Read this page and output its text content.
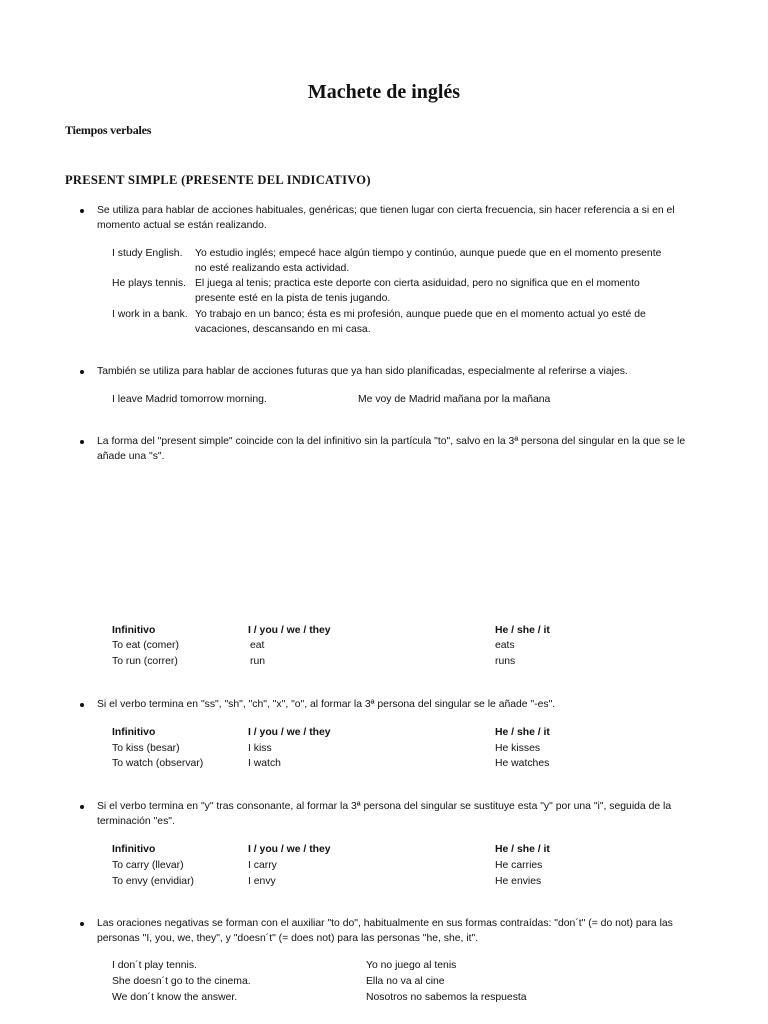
Machete de inglés
Tiempos verbales
PRESENT SIMPLE (PRESENTE DEL INDICATIVO)
Se utiliza para hablar de acciones habituales, genéricas; que tienen lugar con cierta frecuencia, sin hacer referencia a si en el momento actual se están realizando.
I study English. Yo estudio inglés; empecé hace algún tiempo y continúo, aunque puede que en el momento presente no esté realizando esta actividad.
He plays tennis. El juega al tenis; practica este deporte con cierta asiduidad, pero no significa que en el momento presente esté en la pista de tenis jugando.
I work in a bank. Yo trabajo en un banco; ésta es mi profesión, aunque puede que en el momento actual yo esté de vacaciones, descansando en mi casa.
También se utiliza para hablar de acciones futuras que ya han sido planificadas, especialmente al referirse a viajes.
I leave Madrid tomorrow morning.	Me voy de Madrid mañana por la mañana
La forma del "present simple" coincide con la del infinitivo sin la partícula "to", salvo en la 3ª persona del singular en la que se le añade una "s".
Infinitivo	I / you / we / they	He / she / it
To eat (comer)	eat	eats
To run (correr)	run	runs
Si el verbo termina en "ss", "sh", "ch", "x", "o", al formar la 3ª persona del singular se le añade "-es".
Infinitivo	I / you / we / they	He / she / it
To kiss (besar)	I kiss	He kisses
To watch (observar)	I watch	He watches
Si el verbo termina en "y" tras consonante, al formar la 3ª persona del singular se sustituye esta "y" por una "i", seguida de la terminación "es".
Infinitivo	I / you / we / they	He / she / it
To carry (llevar)	I carry	He carries
To envy (envidiar)	I envy	He envies
Las oraciones negativas se forman con el auxiliar "to do", habitualmente en sus formas contraídas: "don´t" (= do not) para las personas "I, you, we, they", y "doesn´t" (= does not) para las personas "he, she, it".
I don´t play tennis.	Yo no juego al tenis
She doesn´t go to the cinema.	Ella no va al cine
We don´t know the answer.	Nosotros no sabemos la respuesta
